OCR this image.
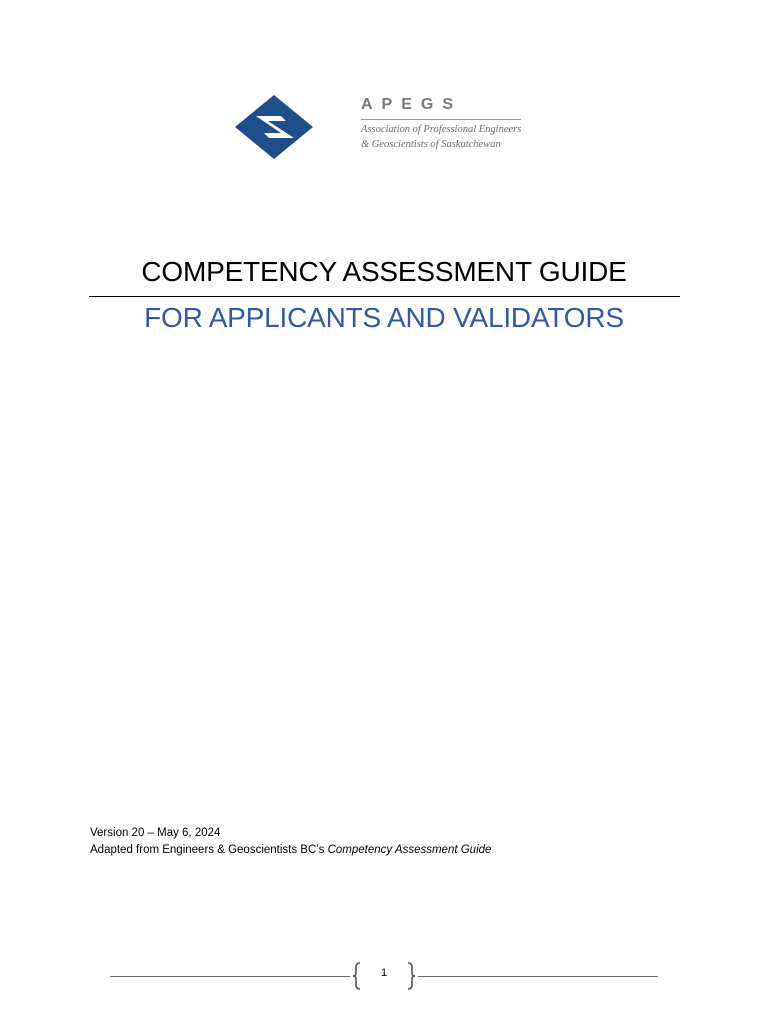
APEGS
Association of Professional Engineers
& Geoscientists of Saskatchewan
COMPETENCY ASSESSMENT GUIDE
FOR APPLICANTS AND VALIDATORS
Version 20 – May 6, 2024
Adapted from Engineers & Geoscientists BC’s Competency Assessment Guide
1
